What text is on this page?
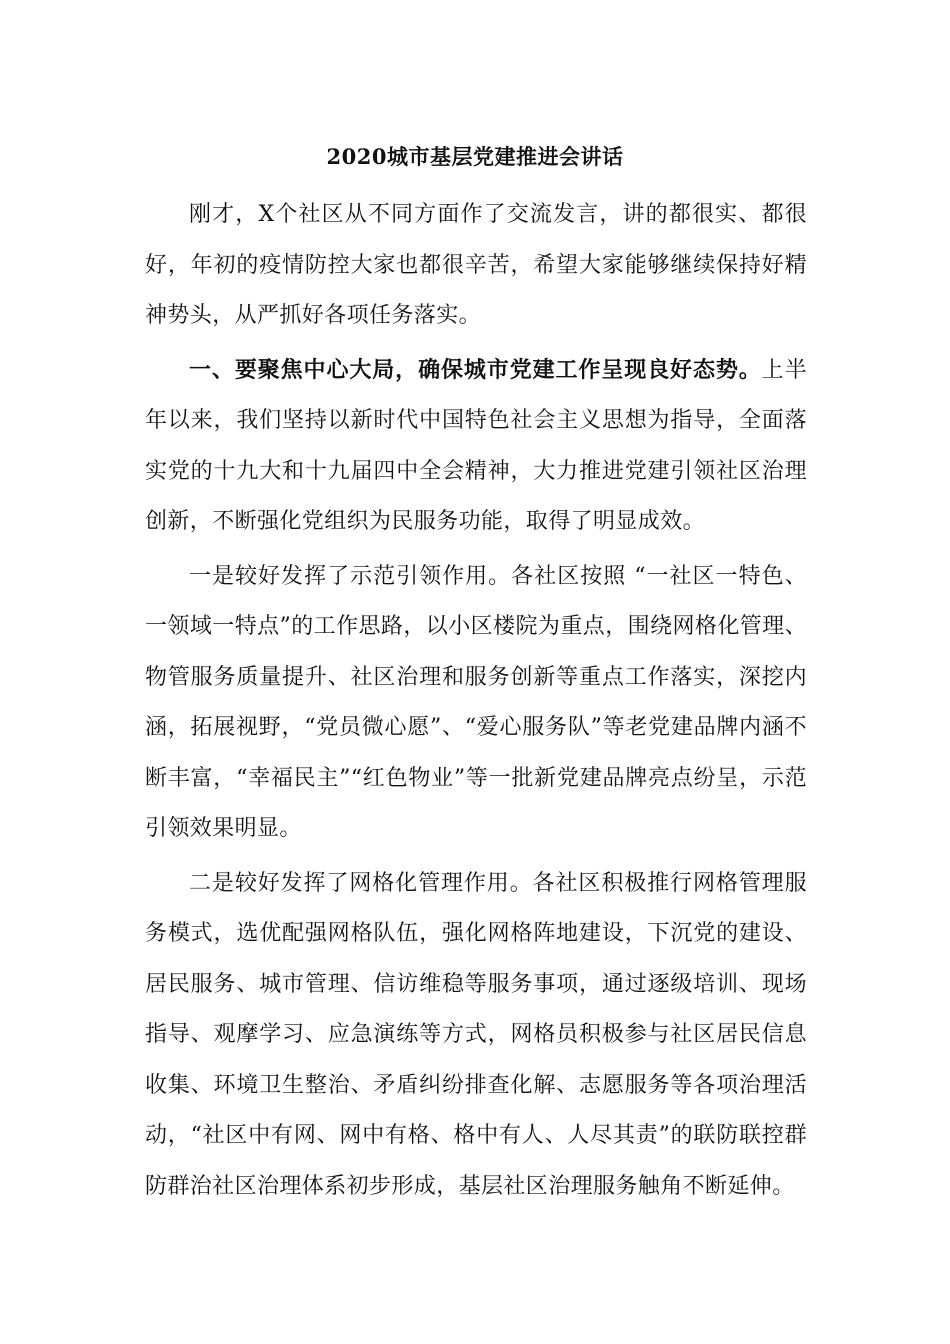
2020城市基层党建推进会讲话

刚才，X个社区从不同方面作了交流发言，讲的都很实、都很好，年初的疫情防控大家也都很辛苦，希望大家能够继续保持好精神势头，从严抓好各项任务落实。

一、要聚焦中心大局，确保城市党建工作呈现良好态势。上半年以来，我们坚持以新时代中国特色社会主义思想为指导，全面落实党的十九大和十九届四中全会精神，大力推进党建引领社区治理创新，不断强化党组织为民服务功能，取得了明显成效。

一是较好发挥了示范引领作用。各社区按照 “一社区一特色、一领域一特点”的工作思路，以小区楼院为重点，围绕网格化管理、物管服务质量提升、社区治理和服务创新等重点工作落实，深挖内涵，拓展视野，“党员微心愿”、“爱心服务队”等老党建品牌内涵不断丰富，“幸福民主”“红色物业”等一批新党建品牌亮点纷呈，示范引领效果明显。

二是较好发挥了网格化管理作用。各社区积极推行网格管理服务模式，选优配强网格队伍，强化网格阵地建设，下沉党的建设、居民服务、城市管理、信访维稳等服务事项，通过逐级培训、现场指导、观摩学习、应急演练等方式，网格员积极参与社区居民信息收集、环境卫生整治、矛盾纠纷排查化解、志愿服务等各项治理活动，“社区中有网、网中有格、格中有人、人尽其责”的联防联控群防群治社区治理体系初步形成，基层社区治理服务触角不断延伸。
